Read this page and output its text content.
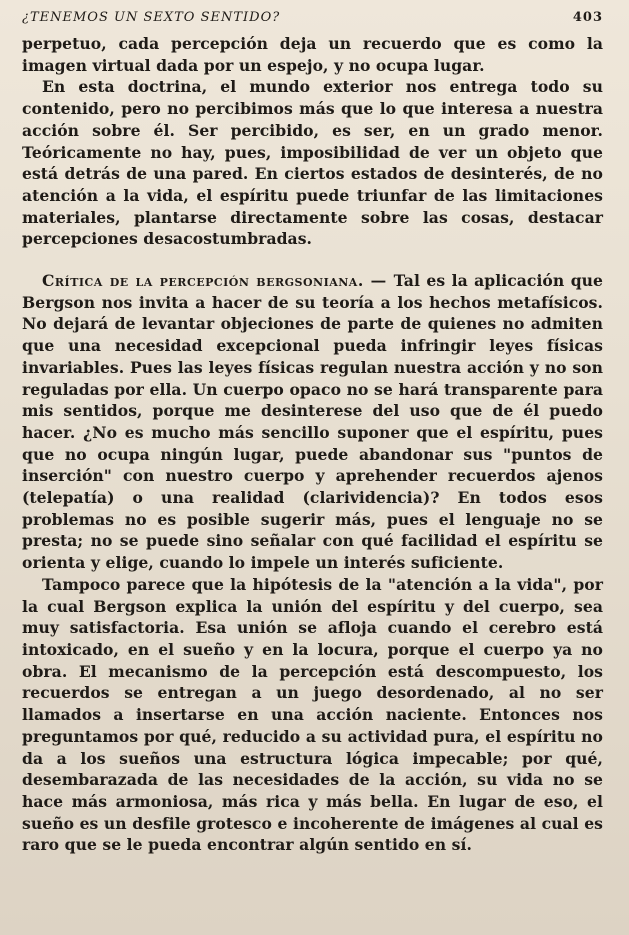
¿TENEMOS UN SEXTO SENTIDO?	403

perpetuo, cada percepción deja un recuerdo que es como la imagen virtual dada por un espejo, y no ocupa lugar.

En esta doctrina, el mundo exterior nos entrega todo su contenido, pero no percibimos más que lo que interesa a nuestra acción sobre él. Ser percibido, es ser, en un grado menor. Teóricamente no hay, pues, imposibilidad de ver un objeto que está detrás de una pared. En ciertos estados de desinterés, de no atención a la vida, el espíritu puede triunfar de las limitaciones materiales, plantarse directamente sobre las cosas, destacar percepciones desacostumbradas.

Crítica de la percepción bergsoniana. — Tal es la aplicación que Bergson nos invita a hacer de su teoría a los hechos metafísicos. No dejará de levantar objeciones de parte de quienes no admiten que una necesidad excepcional pueda infringir leyes físicas invariables. Pues las leyes físicas regulan nuestra acción y no son reguladas por ella. Un cuerpo opaco no se hará transparente para mis sentidos, porque me desinterese del uso que de él puedo hacer. ¿No es mucho más sencillo suponer que el espíritu, pues que no ocupa ningún lugar, puede abandonar sus "puntos de inserción" con nuestro cuerpo y aprehender recuerdos ajenos (telepatía) o una realidad (clarividencia)? En todos esos problemas no es posible sugerir más, pues el lenguaje no se presta; no se puede sino señalar con qué facilidad el espíritu se orienta y elige, cuando lo impele un interés suficiente.

Tampoco parece que la hipótesis de la "atención a la vida", por la cual Bergson explica la unión del espíritu y del cuerpo, sea muy satisfactoria. Esa unión se afloja cuando el cerebro está intoxicado, en el sueño y en la locura, porque el cuerpo ya no obra. El mecanismo de la percepción está descompuesto, los recuerdos se entregan a un juego desordenado, al no ser llamados a insertarse en una acción naciente. Entonces nos preguntamos por qué, reducido a su actividad pura, el espíritu no da a los sueños una estructura lógica impecable; por qué, desembarazada de las necesidades de la acción, su vida no se hace más armoniosa, más rica y más bella. En lugar de eso, el sueño es un desfile grotesco e incoherente de imágenes al cual es raro que se le pueda encontrar algún sentido en sí.
